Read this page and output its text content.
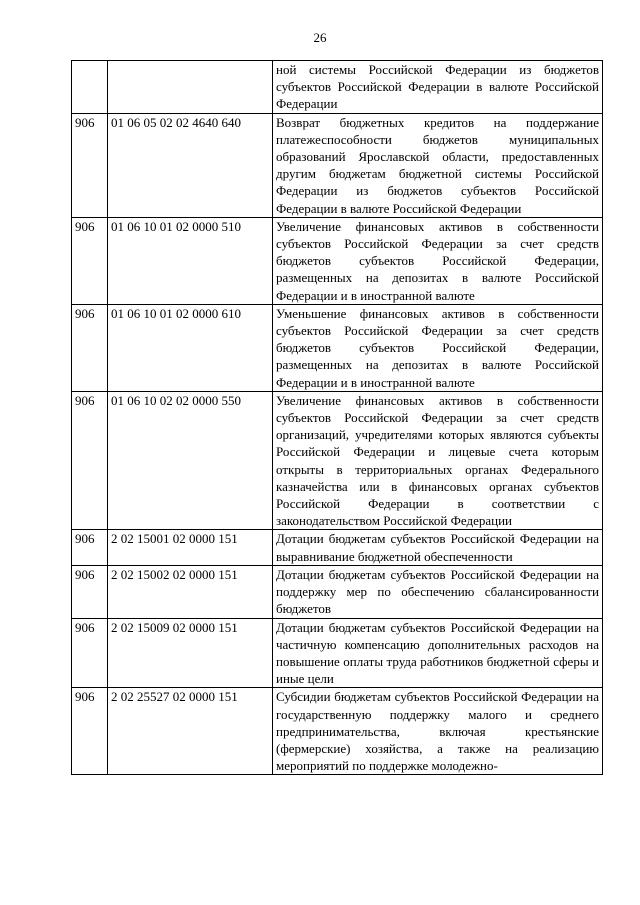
26
		ной системы Российской Федерации из бюджетов субъектов Российской Федерации в валюте Российской Федерации
906	01 06 05 02 02 4640 640	Возврат бюджетных кредитов на поддержание платежеспособности бюджетов муниципальных образований Ярославской области, предоставленных другим бюджетам бюджетной системы Российской Федерации из бюджетов субъектов Российской Федерации в валюте Российской Федерации
906	01 06 10 01 02 0000 510	Увеличение финансовых активов в собственности субъектов Российской Федерации за счет средств бюджетов субъектов Российской Федерации, размещенных на депозитах в валюте Российской Федерации и в иностранной валюте
906	01 06 10 01 02 0000 610	Уменьшение финансовых активов в собственности субъектов Российской Федерации за счет средств бюджетов субъектов Российской Федерации, размещенных на депозитах в валюте Российской Федерации и в иностранной валюте
906	01 06 10 02 02 0000 550	Увеличение финансовых активов в собственности субъектов Российской Федерации за счет средств организаций, учредителями которых являются субъекты Российской Федерации и лицевые счета которым открыты в территориальных органах Федерального казначейства или в финансовых органах субъектов Российской Федерации в соответствии с законодательством Российской Федерации
906	2 02 15001 02 0000 151	Дотации бюджетам субъектов Российской Федерации на выравнивание бюджетной обеспеченности
906	2 02 15002 02 0000 151	Дотации бюджетам субъектов Российской Федерации на поддержку мер по обеспечению сбалансированности бюджетов
906	2 02 15009 02 0000 151	Дотации бюджетам субъектов Российской Федерации на частичную компенсацию дополнительных расходов на повышение оплаты труда работников бюджетной сферы и иные цели
906	2 02 25527 02 0000 151	Субсидии бюджетам субъектов Российской Федерации на государственную поддержку малого и среднего предпринимательства, включая крестьянские (фермерские) хозяйства, а также на реализацию мероприятий по поддержке молодежно-
